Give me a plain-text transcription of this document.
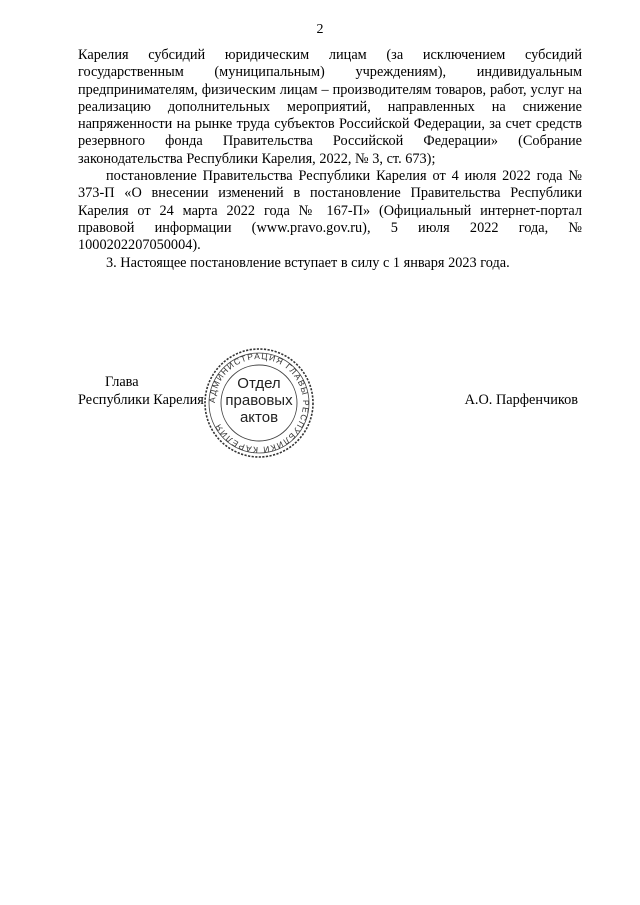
2

Карелия субсидий юридическим лицам (за исключением субсидий государственным (муниципальным) учреждениям), индивидуальным предпринимателям, физическим лицам – производителям товаров, работ, услуг на реализацию дополнительных мероприятий, направленных на снижение напряженности на рынке труда субъектов Российской Федерации, за счет средств резервного фонда Правительства Российской Федерации» (Собрание законодательства Республики Карелия, 2022, № 3, ст. 673);

постановление Правительства Республики Карелия от 4 июля 2022 года № 373-П «О внесении изменений в постановление Правительства Республики Карелия от 24 марта 2022 года № 167-П» (Официальный интернет-портал правовой информации (www.pravo.gov.ru), 5 июля 2022 года, № 1000202207050004).

3. Настоящее постановление вступает в силу с 1 января 2023 года.

Глава
Республики Карелия АДМИНИСТРАЦИЯ ГЛАВЫ РЕСПУБЛИКИ КАРЕЛИЯ
Отдел
правовых
актов
А.О. Парфенчиков
